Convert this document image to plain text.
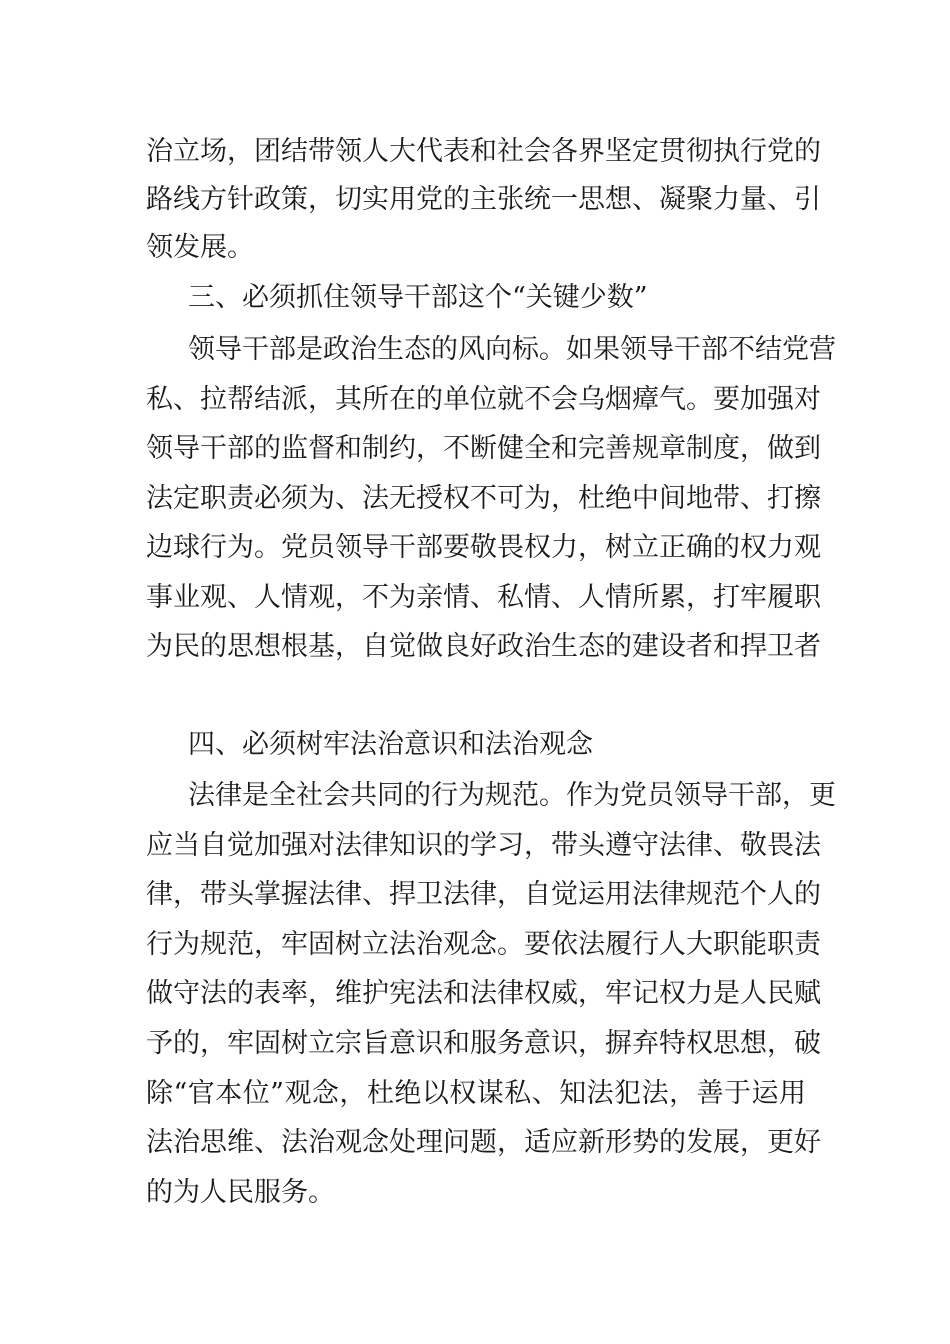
治立场，团结带领人大代表和社会各界坚定贯彻执行党的
路线方针政策，切实用党的主张统一思想、凝聚力量、引
领发展。
三、必须抓住领导干部这个“关键少数”
领导干部是政治生态的风向标。如果领导干部不结党营
私、拉帮结派，其所在的单位就不会乌烟瘴气。要加强对
领导干部的监督和制约，不断健全和完善规章制度，做到
法定职责必须为、法无授权不可为，杜绝中间地带、打擦
边球行为。党员领导干部要敬畏权力，树立正确的权力观
事业观、人情观，不为亲情、私情、人情所累，打牢履职
为民的思想根基，自觉做良好政治生态的建设者和捍卫者
四、必须树牢法治意识和法治观念
法律是全社会共同的行为规范。作为党员领导干部，更
应当自觉加强对法律知识的学习，带头遵守法律、敬畏法
律，带头掌握法律、捍卫法律，自觉运用法律规范个人的
行为规范，牢固树立法治观念。要依法履行人大职能职责
做守法的表率，维护宪法和法律权威，牢记权力是人民赋
予的，牢固树立宗旨意识和服务意识，摒弃特权思想，破
除“官本位”观念，杜绝以权谋私、知法犯法，善于运用
法治思维、法治观念处理问题，适应新形势的发展，更好
的为人民服务。
